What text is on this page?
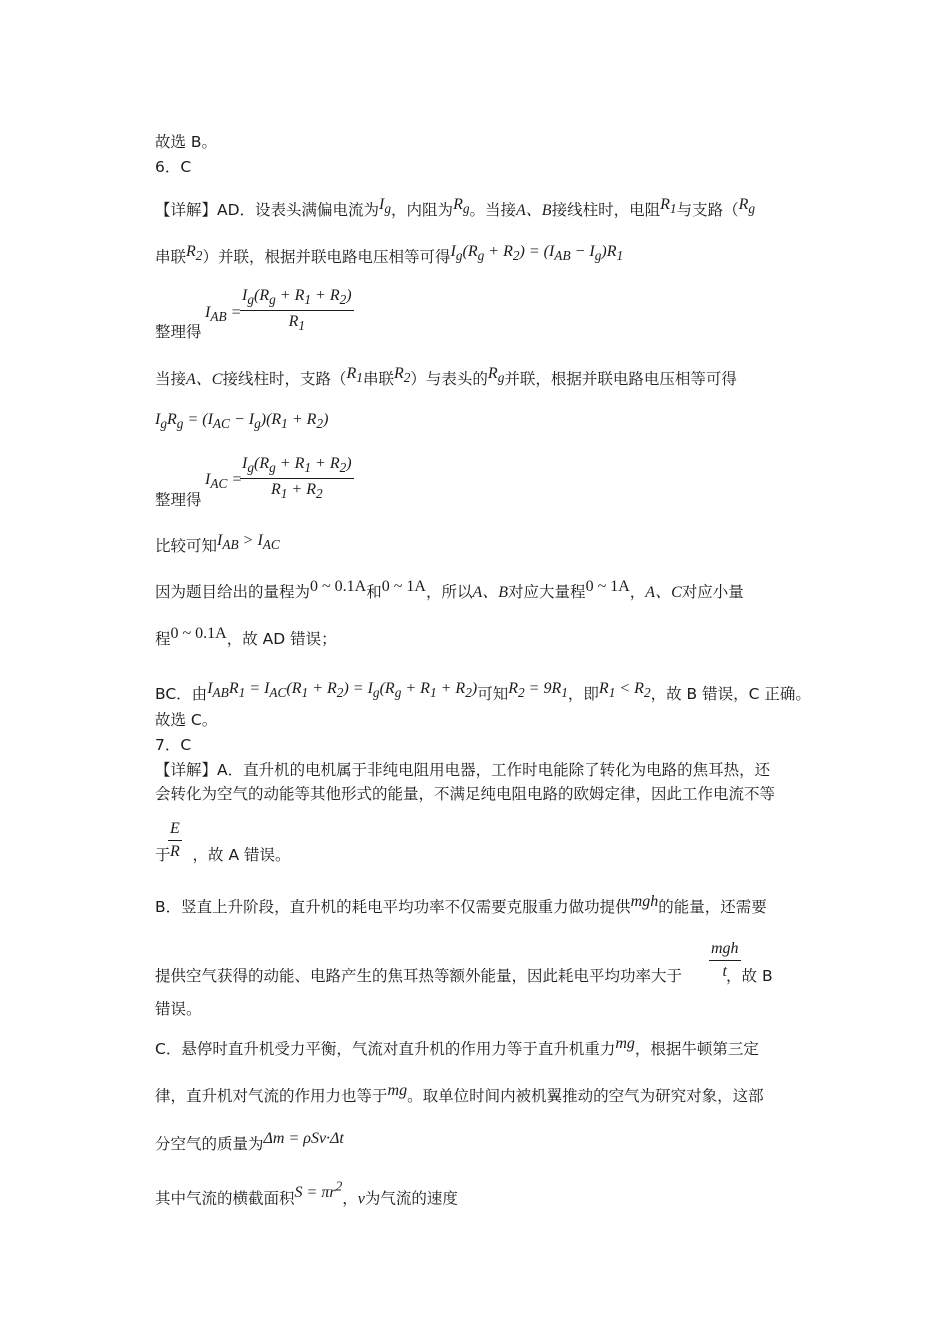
故选 B。
6．C
【详解】AD．设表头满偏电流为$I_g$，内阻为$R_g$。当接A、B接线柱时，电阻$R_1$与支路（$R_g$
串联$R_2$）并联，根据并联电路电压相等可得$I_g(R_g + R_2) = (I_{AB} - I_g)R_1$
$I_{AB}$ =
$\frac{I_g(R_g + R_1 + R_2)}{R_1}$
整理得
当接A、C接线柱时，支路（$R_1$串联$R_2$）与表头的$R_g$并联，根据并联电路电压相等可得
$I_gR_g = (I_{AC} - I_g)(R_1 + R_2)$
$I_{AC}$ =
$\frac{I_g(R_g + R_1 + R_2)}{R_1 + R_2}$
整理得
比较可知$I_{AB} > I_{AC}$
因为题目给出的量程为0 ~ 0.1A和0 ~ 1A，所以A、B对应大量程0 ~ 1A，A、C对应小量
程0 ~ 0.1A，故 AD 错误；
BC．由$I_{AB}R_1 = I_{AC}(R_1 + R_2) = I_g(R_g + R_1 + R_2)$可知$R_2 = 9R_1$，即$R_1 < R_2$，故 B 错误，C 正确。
故选 C。
7．C
【详解】A．直升机的电机属于非纯电阻用电器，工作时电能除了转化为电路的焦耳热，还
会转化为空气的动能等其他形式的能量，不满足纯电阻电路的欧姆定律，因此工作电流不等
$\frac{E}{R}$
于 ，故 A 错误。
B．竖直上升阶段，直升机的耗电平均功率不仅需要克服重力做功提供mgh的能量，还需要
mgh
t
提供空气获得的动能、电路产生的焦耳热等额外能量，因此耗电平均功率大于	，故 B
错误。
C．悬停时直升机受力平衡，气流对直升机的作用力等于直升机重力mg，根据牛顿第三定
律，直升机对气流的作用力也等于mg。取单位时间内被机翼推动的空气为研究对象，这部
分空气的质量为Δm = ρSv·Δt
其中气流的横截面积$S = \pi r^2$，v为气流的速度
